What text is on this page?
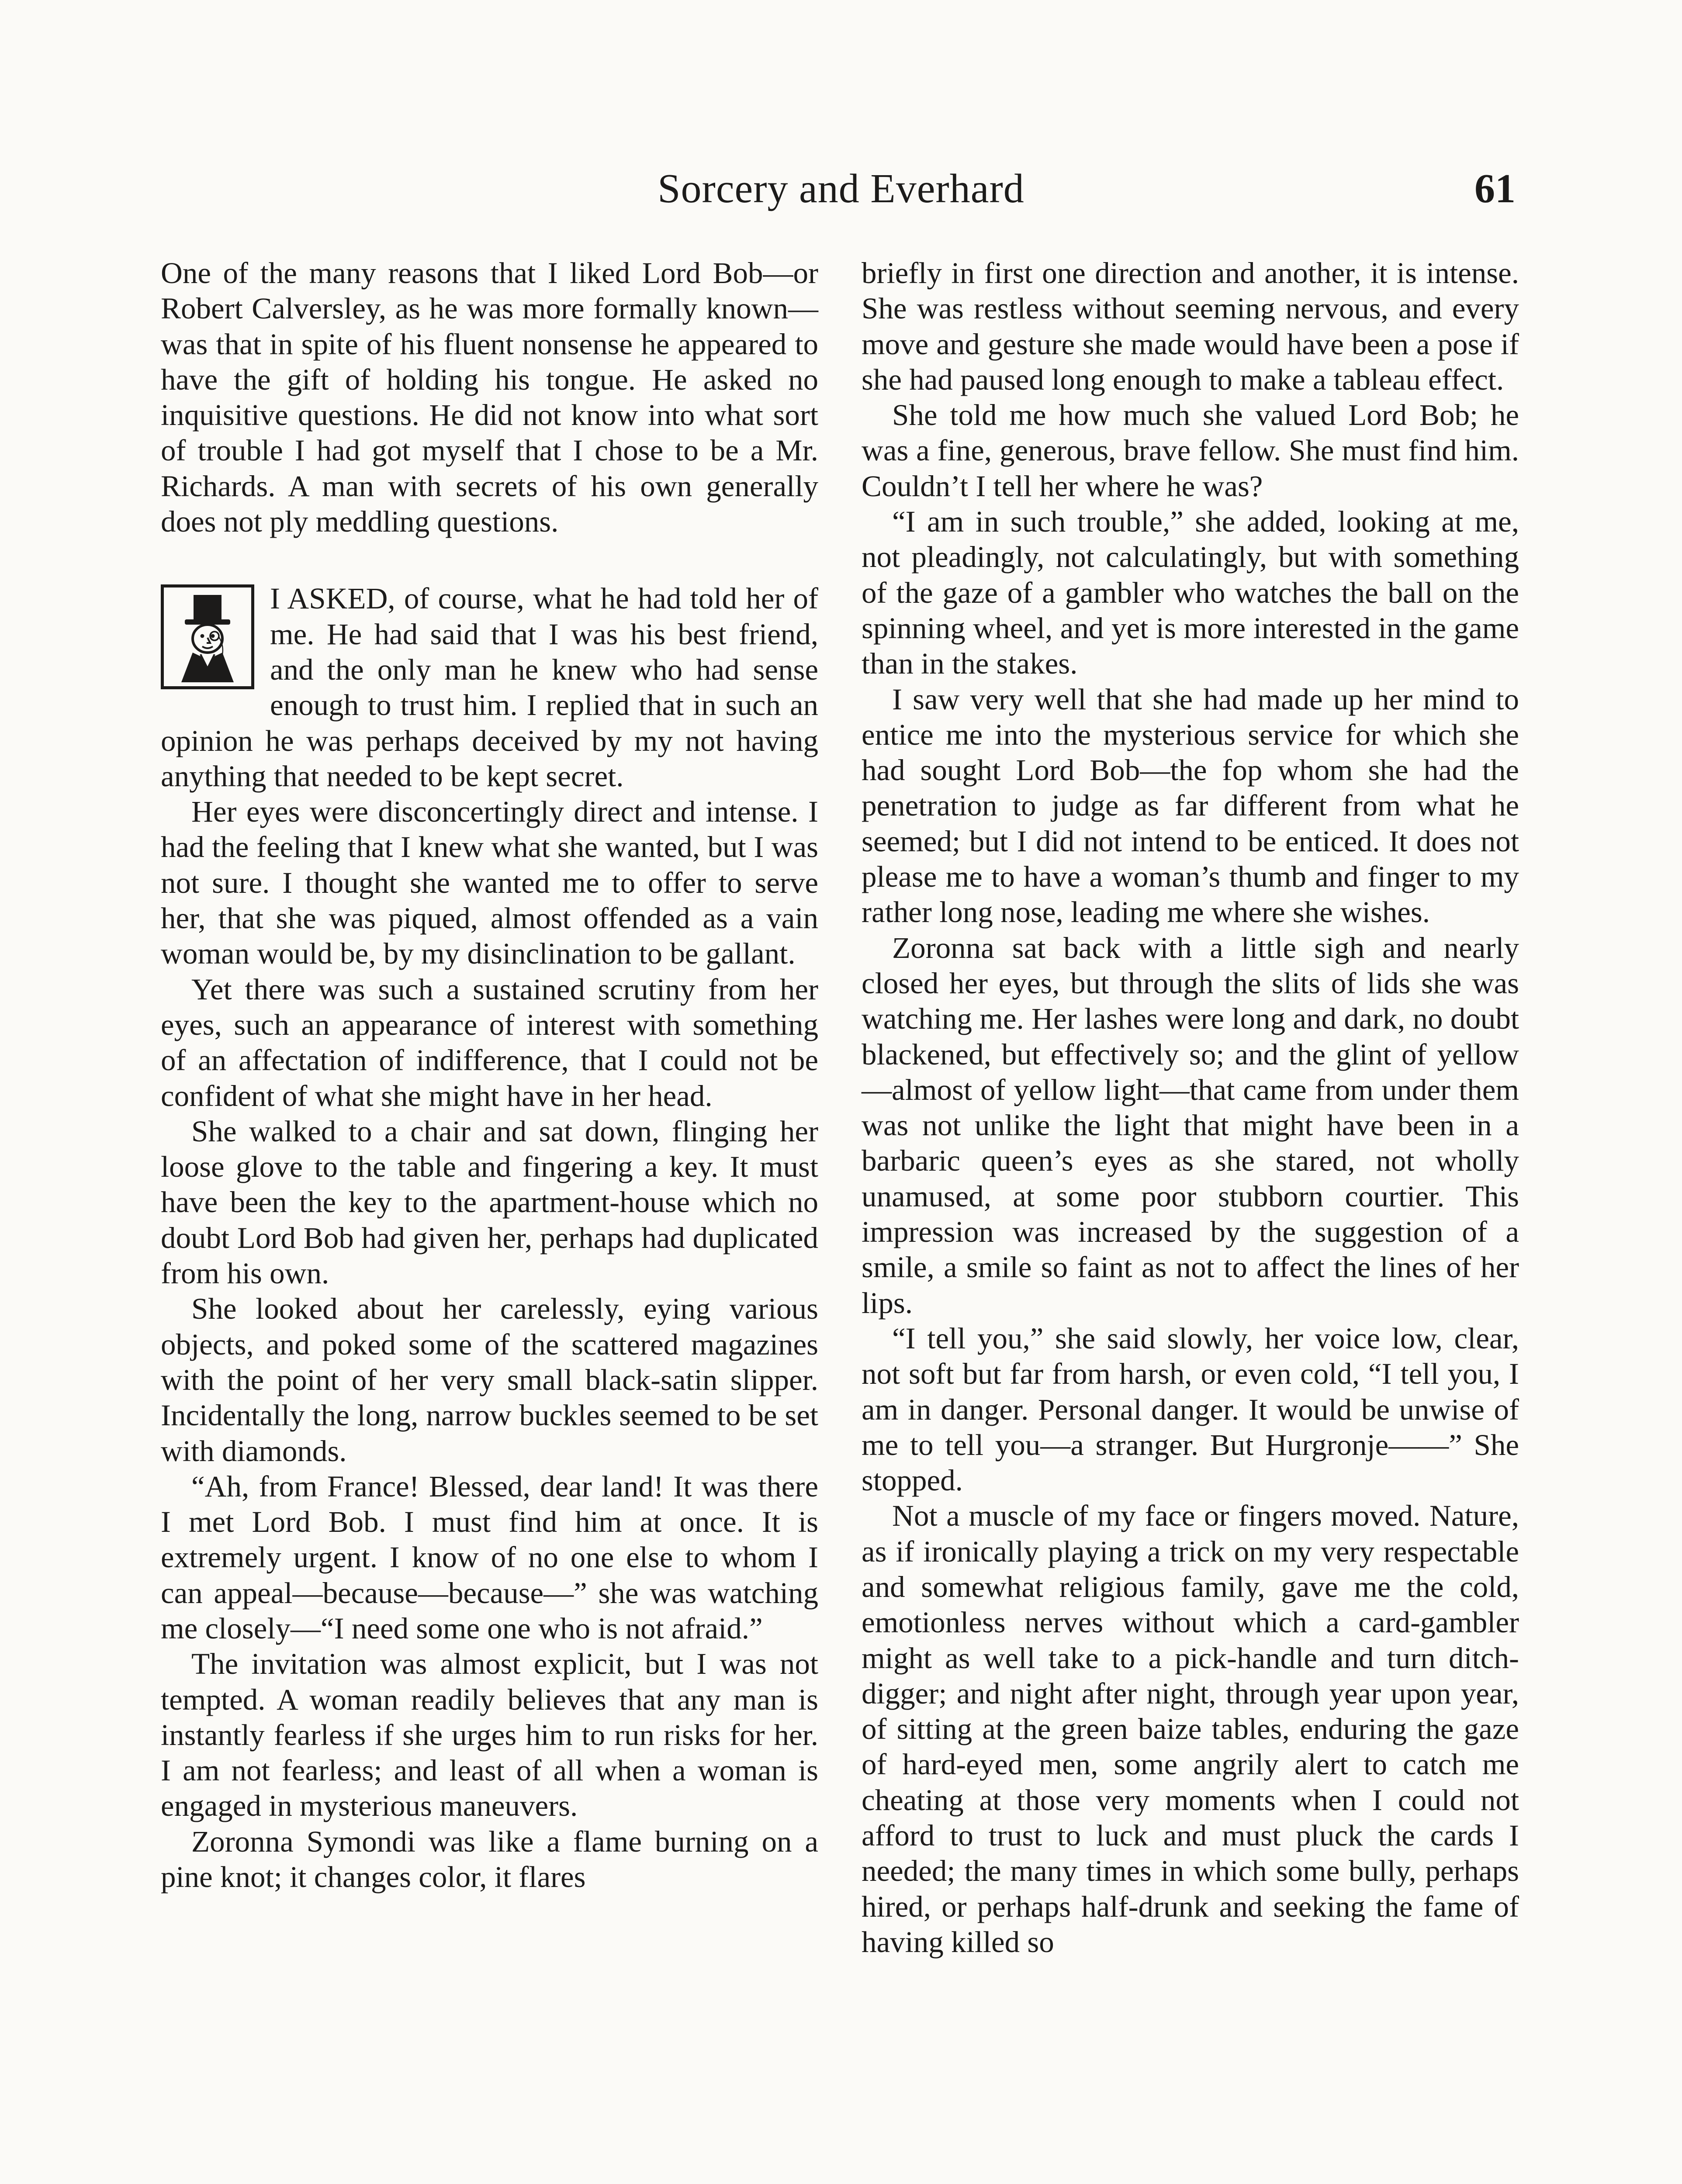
Sorcery and Everhard	61

One of the many reasons that I liked Lord Bob—or Robert Calversley, as he was more formally known—was that in spite of his fluent nonsense he appeared to have the gift of holding his tongue. He asked no inquisitive questions. He did not know into what sort of trouble I had got myself that I chose to be a Mr. Richards. A man with secrets of his own generally does not ply meddling questions.

I ASKED, of course, what he had told her of me. He had said that I was his best friend, and the only man he knew who had sense enough to trust him. I replied that in such an opinion he was perhaps deceived by my not having anything that needed to be kept secret.

Her eyes were disconcertingly direct and intense. I had the feeling that I knew what she wanted, but I was not sure. I thought she wanted me to offer to serve her, that she was piqued, almost offended as a vain woman would be, by my disinclination to be gallant.

Yet there was such a sustained scrutiny from her eyes, such an appearance of interest with something of an affectation of indifference, that I could not be confident of what she might have in her head.

She walked to a chair and sat down, flinging her loose glove to the table and fingering a key. It must have been the key to the apartment-house which no doubt Lord Bob had given her, perhaps had duplicated from his own.

She looked about her carelessly, eying various objects, and poked some of the scattered magazines with the point of her very small black-satin slipper. Incidentally the long, narrow buckles seemed to be set with diamonds.

“Ah, from France! Blessed, dear land! It was there I met Lord Bob. I must find him at once. It is extremely urgent. I know of no one else to whom I can appeal—because—because—” she was watching me closely—“I need some one who is not afraid.”

The invitation was almost explicit, but I was not tempted. A woman readily believes that any man is instantly fearless if she urges him to run risks for her. I am not fearless; and least of all when a woman is engaged in mysterious maneuvers.

Zoronna Symondi was like a flame burning on a pine knot; it changes color, it flares

briefly in first one direction and another, it is intense. She was restless without seeming nervous, and every move and gesture she made would have been a pose if she had paused long enough to make a tableau effect.

She told me how much she valued Lord Bob; he was a fine, generous, brave fellow. She must find him. Couldn’t I tell her where he was?

“I am in such trouble,” she added, looking at me, not pleadingly, not calculatingly, but with something of the gaze of a gambler who watches the ball on the spinning wheel, and yet is more interested in the game than in the stakes.

I saw very well that she had made up her mind to entice me into the mysterious service for which she had sought Lord Bob—the fop whom she had the penetration to judge as far different from what he seemed; but I did not intend to be enticed. It does not please me to have a woman’s thumb and finger to my rather long nose, leading me where she wishes.

Zoronna sat back with a little sigh and nearly closed her eyes, but through the slits of lids she was watching me. Her lashes were long and dark, no doubt blackened, but effectively so; and the glint of yellow—almost of yellow light—that came from under them was not unlike the light that might have been in a barbaric queen’s eyes as she stared, not wholly unamused, at some poor stubborn courtier. This impression was increased by the suggestion of a smile, a smile so faint as not to affect the lines of her lips.

“I tell you,” she said slowly, her voice low, clear, not soft but far from harsh, or even cold, “I tell you, I am in danger. Personal danger. It would be unwise of me to tell you—a stranger. But Hurgronje——” She stopped.

Not a muscle of my face or fingers moved. Nature, as if ironically playing a trick on my very respectable and somewhat religious family, gave me the cold, emotionless nerves without which a card-gambler might as well take to a pick-handle and turn ditch-digger; and night after night, through year upon year, of sitting at the green baize tables, enduring the gaze of hard-eyed men, some angrily alert to catch me cheating at those very moments when I could not afford to trust to luck and must pluck the cards I needed; the many times in which some bully, perhaps hired, or perhaps half-drunk and seeking the fame of having killed so
